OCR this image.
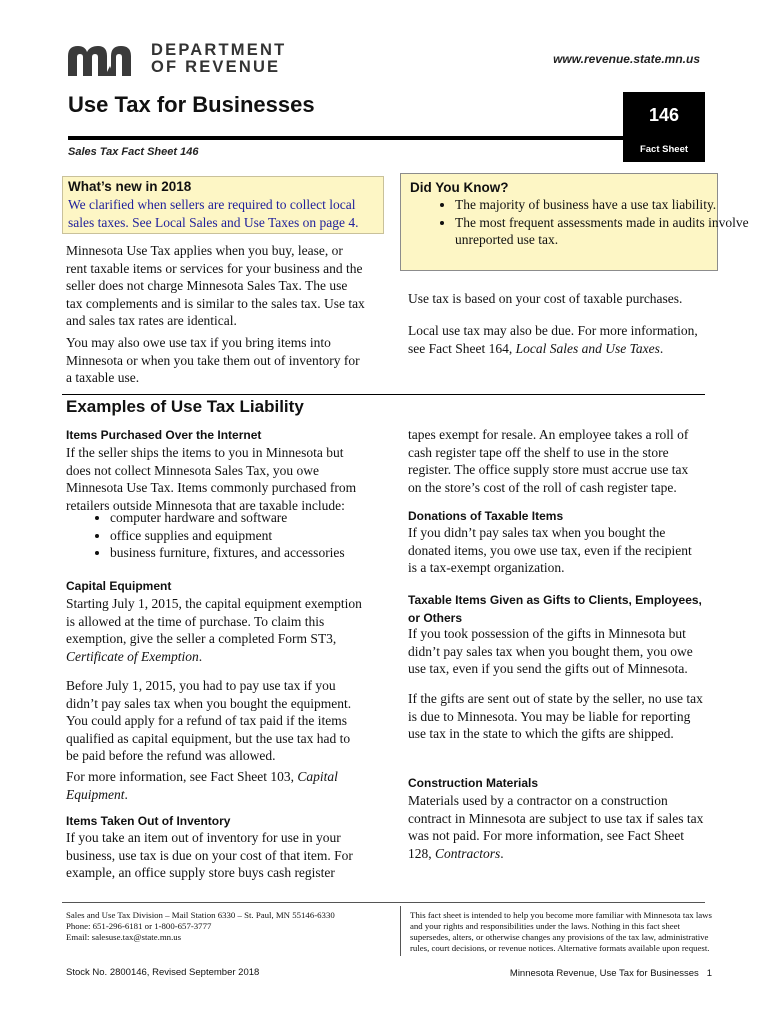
DEPARTMENT
OF REVENUE	www.revenue.state.mn.us
Use Tax for Businesses	146
Sales Tax Fact Sheet 146	Fact Sheet
What’s new in 2018
We clarified when sellers are required to collect local sales taxes. See Local Sales and Use Taxes on page 4.
Did You Know?
• The majority of business have a use tax liability.
• The most frequent assessments made in audits involve unreported use tax.
Minnesota Use Tax applies when you buy, lease, or rent taxable items or services for your business and the seller does not charge Minnesota Sales Tax. The use tax complements and is similar to the sales tax. Use tax and sales tax rates are identical.
You may also owe use tax if you bring items into Minnesota or when you take them out of inventory for a taxable use.
Use tax is based on your cost of taxable purchases.
Local use tax may also be due. For more information, see Fact Sheet 164, Local Sales and Use Taxes.
Examples of Use Tax Liability
Items Purchased Over the Internet
If the seller ships the items to you in Minnesota but does not collect Minnesota Sales Tax, you owe Minnesota Use Tax. Items commonly purchased from retailers outside Minnesota that are taxable include:
• computer hardware and software
• office supplies and equipment
• business furniture, fixtures, and accessories
Capital Equipment
Starting July 1, 2015, the capital equipment exemption is allowed at the time of purchase. To claim this exemption, give the seller a completed Form ST3, Certificate of Exemption.
Before July 1, 2015, you had to pay use tax if you didn’t pay sales tax when you bought the equipment. You could apply for a refund of tax paid if the items qualified as capital equipment, but the use tax had to be paid before the refund was allowed.
For more information, see Fact Sheet 103, Capital Equipment.
Items Taken Out of Inventory
If you take an item out of inventory for use in your business, use tax is due on your cost of that item. For example, an office supply store buys cash register
tapes exempt for resale. An employee takes a roll of cash register tape off the shelf to use in the store register. The office supply store must accrue use tax on the store’s cost of the roll of cash register tape.
Donations of Taxable Items
If you didn’t pay sales tax when you bought the donated items, you owe use tax, even if the recipient is a tax-exempt organization.
Taxable Items Given as Gifts to Clients, Employees, or Others
If you took possession of the gifts in Minnesota but didn’t pay sales tax when you bought them, you owe use tax, even if you send the gifts out of Minnesota.
If the gifts are sent out of state by the seller, no use tax is due to Minnesota. You may be liable for reporting use tax in the state to which the gifts are shipped.
Construction Materials
Materials used by a contractor on a construction contract in Minnesota are subject to use tax if sales tax was not paid. For more information, see Fact Sheet 128, Contractors.
Sales and Use Tax Division – Mail Station 6330 – St. Paul, MN 55146-6330
Phone: 651-296-6181 or 1-800-657-3777
Email: salesuse.tax@state.mn.us
This fact sheet is intended to help you become more familiar with Minnesota tax laws and your rights and responsibilities under the laws. Nothing in this fact sheet supersedes, alters, or otherwise changes any provisions of the tax law, administrative rules, court decisions, or revenue notices. Alternative formats available upon request.
Stock No. 2800146, Revised September 2018	Minnesota Revenue, Use Tax for Businesses 1
